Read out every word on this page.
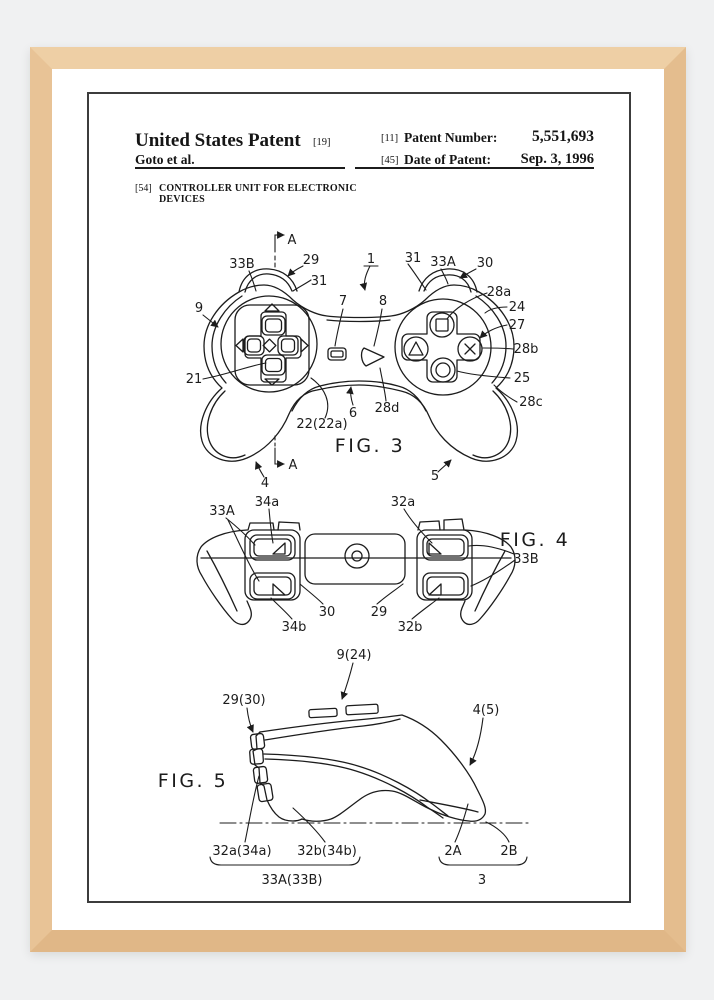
United States Patent [19]
Goto et al.
[11] Patent Number:	5,551,693
[45] Date of Patent:	Sep. 3, 1996
[54] CONTROLLER UNIT FOR ELECTRONIC
DEVICES
A
33B	29
31
1 31 33A 30
9	7 8
28a
24
27
28b
21
22(22a)
6 28d
25
28c
4
A
5
FIG. 3
33A
34a	32a
33B
30	29
34b	32b
FIG. 4
9(24)
29(30)
4(5)
32a(34a) 32b(34b)	2A	2B
33A(33B)	3
FIG. 5
